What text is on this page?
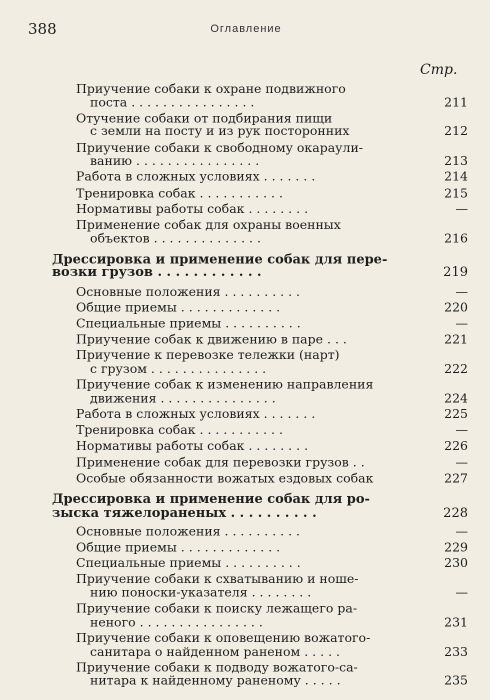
388	Оглавление
Стр.
Приучение собаки к охране подвижного
поста . . . . . . . . . . . . . . . .	211
Отучение собаки от подбирания пищи
с земли на посту и из рук посторонних	212
Приучение собаки к свободному окараули-
ванию . . . . . . . . . . . . . . . .	213
Работа в сложных условиях . . . . . . .	214
Тренировка собак . . . . . . . . . . .	215
Нормативы работы собак . . . . . . . .	—
Применение собак для охраны военных
объектов . . . . . . . . . . . . . .	216
Дрессировка и применение собак для пере-
возки грузов . . . . . . . . . . . .	219
Основные положения . . . . . . . . . .	—
Общие приемы . . . . . . . . . . . . .	220
Специальные приемы . . . . . . . . . .	—
Приучение собак к движению в паре . . .	221
Приучение к перевозке тележки (нарт)
с грузом . . . . . . . . . . . . . . .	222
Приучение собак к изменению направления
движения . . . . . . . . . . . . . . .	224
Работа в сложных условиях . . . . . . .	225
Тренировка собак . . . . . . . . . . .	—
Нормативы работы собак . . . . . . . .	226
Применение собак для перевозки грузов . .	—
Особые обязанности вожатых ездовых собак	227
Дрессировка и применение собак для ро-
зыска тяжелораненых . . . . . . . . . .	228
Основные положения . . . . . . . . . .	—
Общие приемы . . . . . . . . . . . . .	229
Специальные приемы . . . . . . . . . .	230
Приучение собаки к схватыванию и ноше-
нию поноски-указателя . . . . . . . .	—
Приучение собаки к поиску лежащего ра-
неного . . . . . . . . . . . . . . . .	231
Приучение собаки к оповещению вожатого-
санитара о найденном раненом . . . . .	233
Приучение собаки к подводу вожатого-са-
нитара к найденному раненому . . . . .	235
